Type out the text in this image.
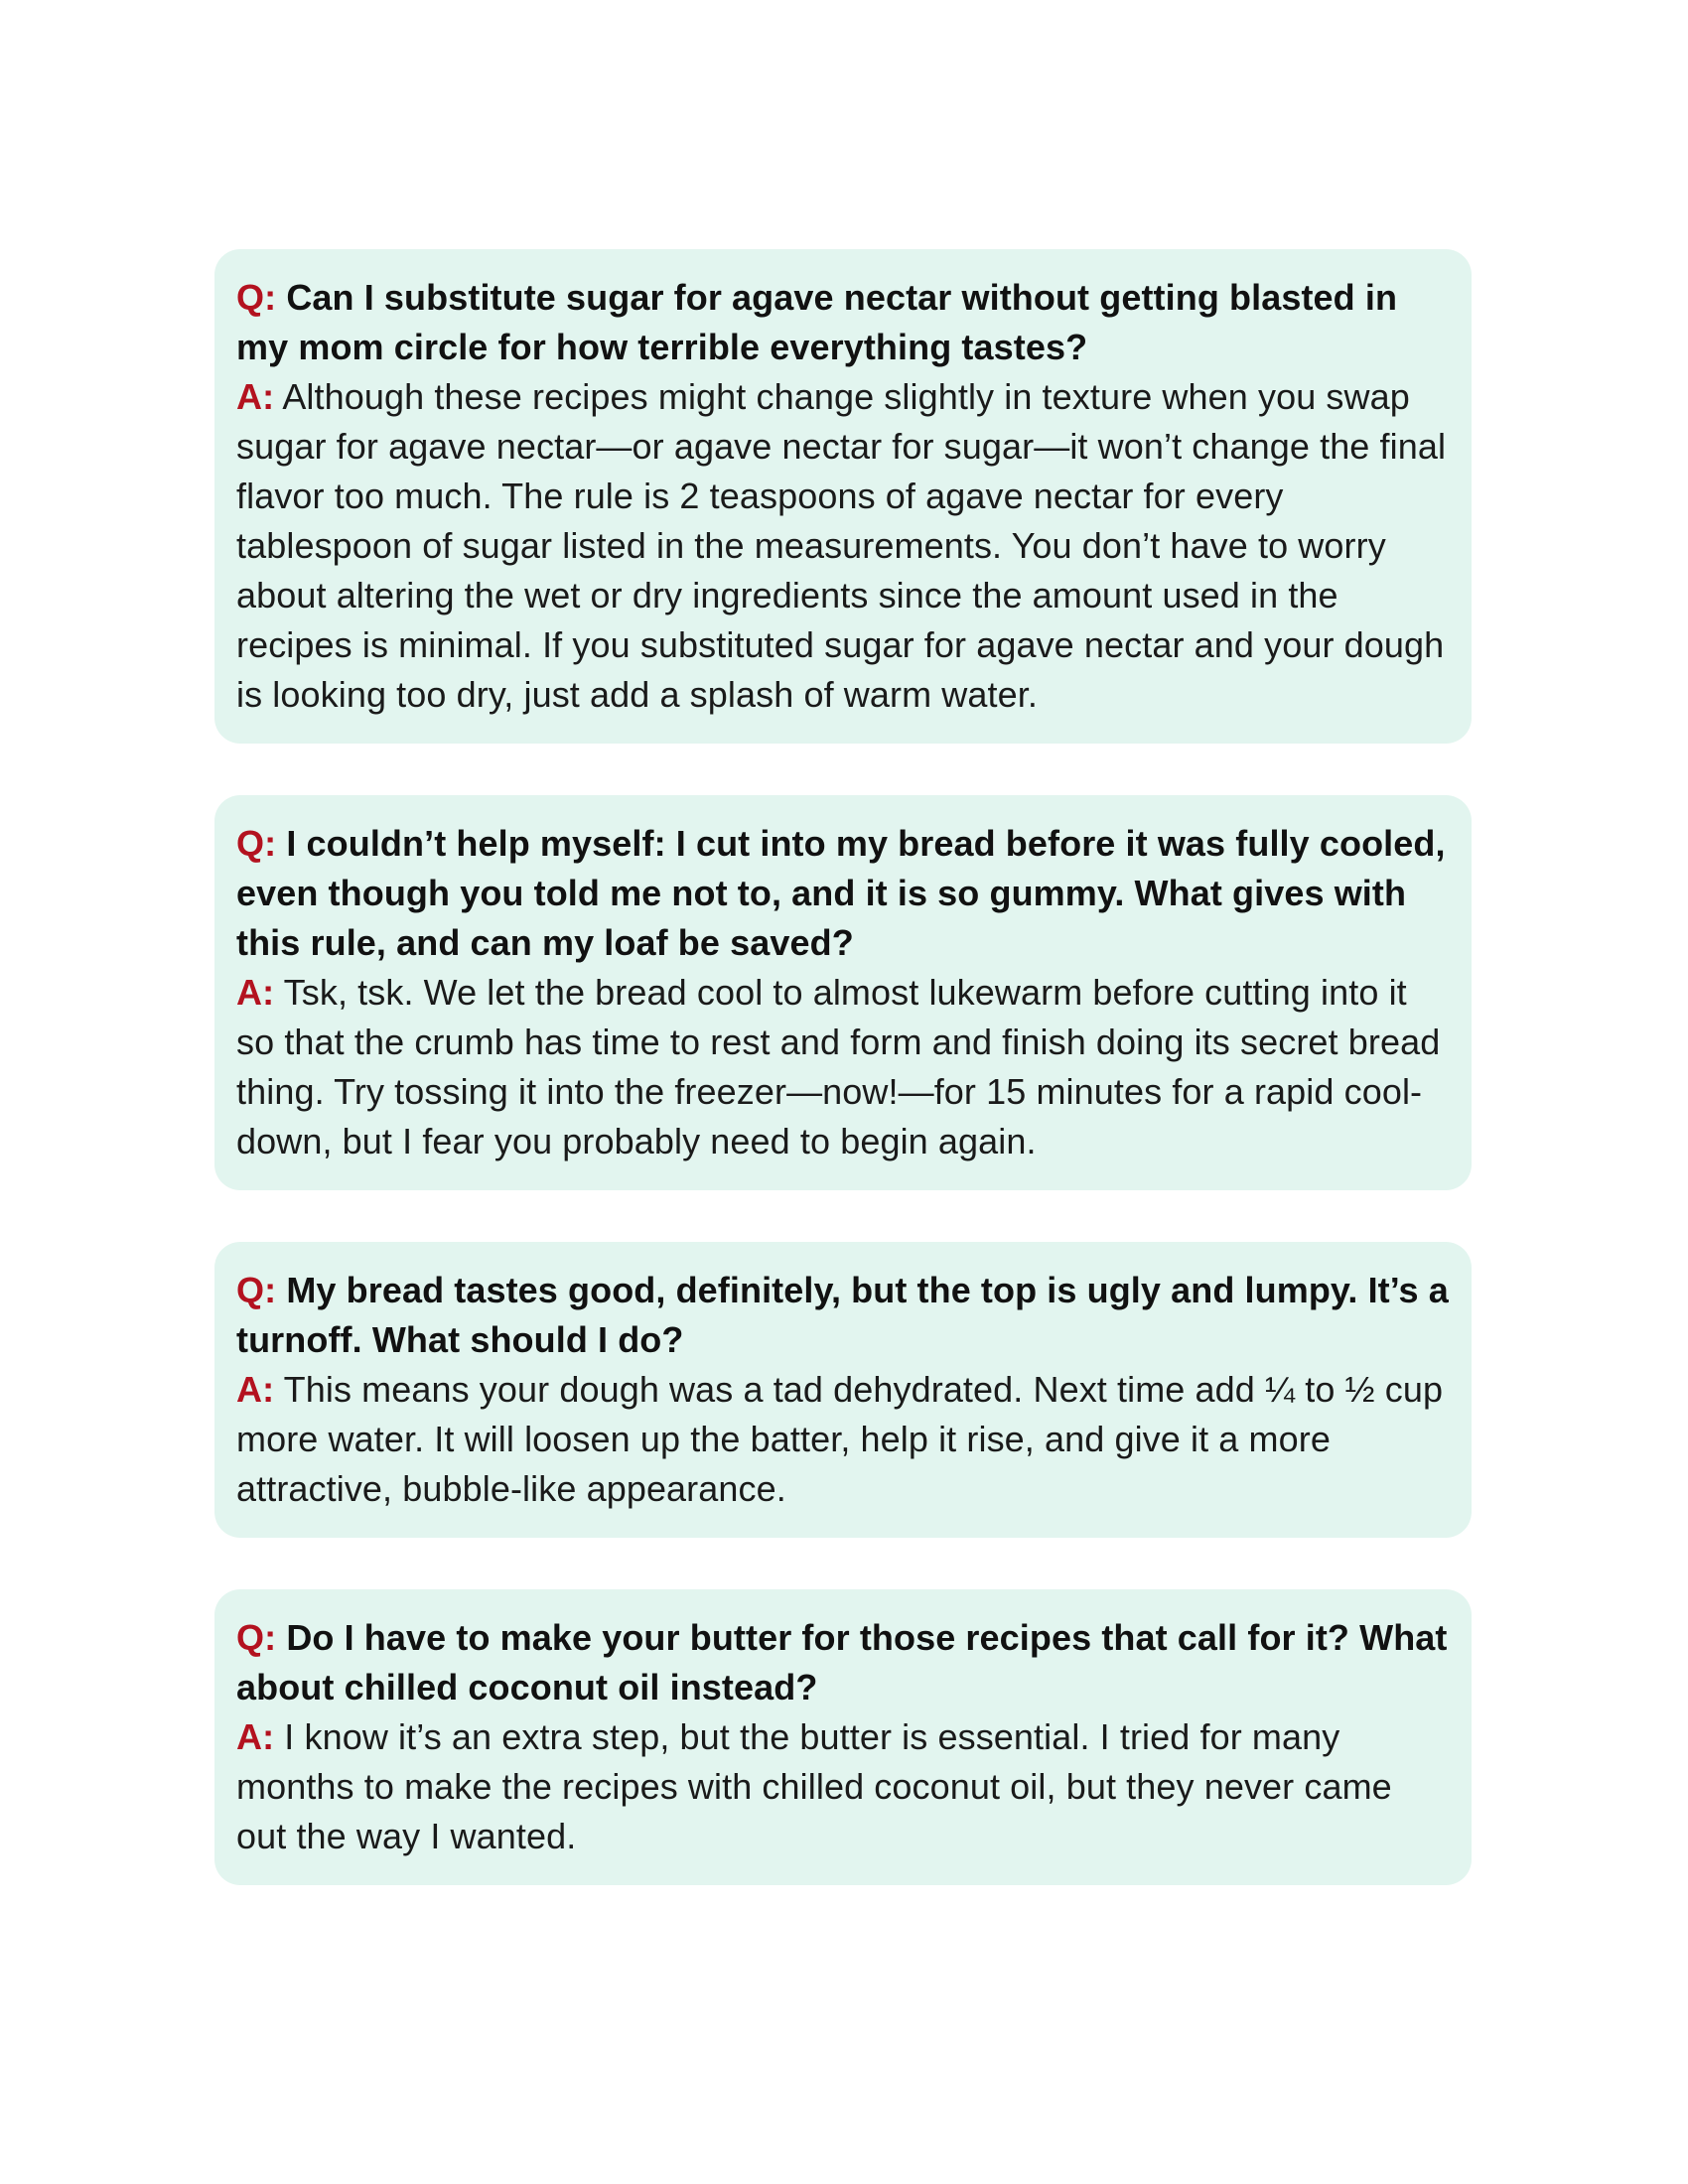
Q: Can I substitute sugar for agave nectar without getting blasted in my mom circle for how terrible everything tastes?

A: Although these recipes might change slightly in texture when you swap sugar for agave nectar—or agave nectar for sugar—it won’t change the final flavor too much. The rule is 2 teaspoons of agave nectar for every tablespoon of sugar listed in the measurements. You don’t have to worry about altering the wet or dry ingredients since the amount used in the recipes is minimal. If you substituted sugar for agave nectar and your dough is looking too dry, just add a splash of warm water.

Q: I couldn’t help myself: I cut into my bread before it was fully cooled, even though you told me not to, and it is so gummy. What gives with this rule, and can my loaf be saved?

A: Tsk, tsk. We let the bread cool to almost lukewarm before cutting into it so that the crumb has time to rest and form and finish doing its secret bread thing. Try tossing it into the freezer—now!—for 15 minutes for a rapid cool-down, but I fear you probably need to begin again.

Q: My bread tastes good, definitely, but the top is ugly and lumpy. It’s a turnoff. What should I do?

A: This means your dough was a tad dehydrated. Next time add ¼ to ½ cup more water. It will loosen up the batter, help it rise, and give it a more attractive, bubble-like appearance.

Q: Do I have to make your butter for those recipes that call for it? What about chilled coconut oil instead?

A: I know it’s an extra step, but the butter is essential. I tried for many months to make the recipes with chilled coconut oil, but they never came out the way I wanted.
